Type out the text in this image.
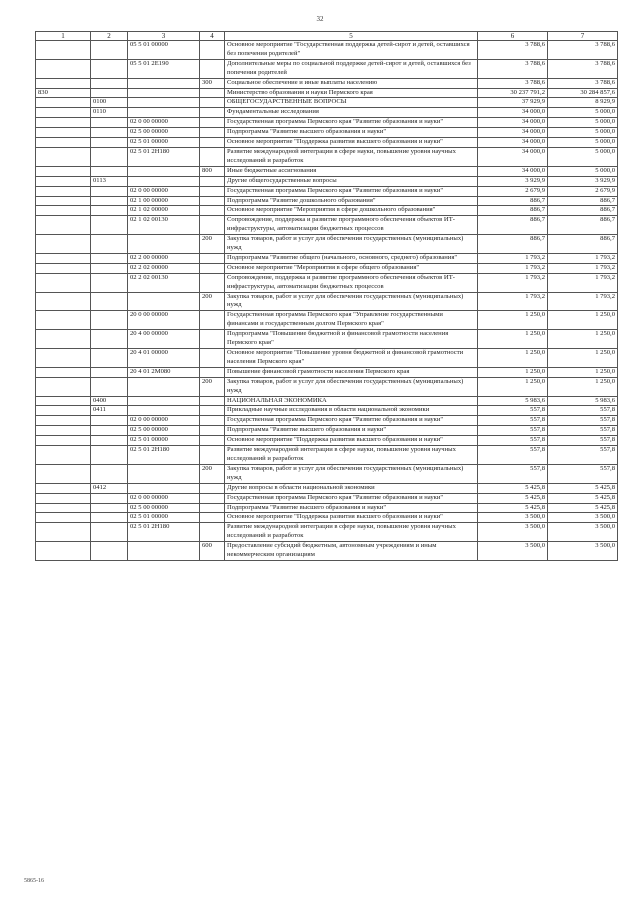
32
1	2	3	4	5	6	7
		05 5 01 00000		Основное мероприятие "Государственная поддержка детей-сирот и детей, оставшихся без попечения родителей"	3 788,6	3 788,6
		05 5 01 2Е190		Дополнительные меры по социальной поддержке детей-сирот и детей, оставшихся без попечения родителей	3 788,6	3 788,6
			300	Социальное обеспечение и иные выплаты населению	3 788,6	3 788,6
830				Министерство образования и науки Пермского края	30 237 791,2	30 284 857,6
	0100			ОБЩЕГОСУДАРСТВЕННЫЕ ВОПРОСЫ	37 929,9	8 929,9
	0110			Фундаментальные исследования	34 000,0	5 000,0
		02 0 00 00000		Государственная программа Пермского края "Развитие образования и науки"	34 000,0	5 000,0
		02 5 00 00000		Подпрограмма "Развитие высшего образования и науки"	34 000,0	5 000,0
		02 5 01 00000		Основное мероприятие "Поддержка развития высшего образования и науки"	34 000,0	5 000,0
		02 5 01 2Н180		Развитие международной интеграции в сфере науки, повышение уровня научных исследований и разработок	34 000,0	5 000,0
			800	Иные бюджетные ассигнования	34 000,0	5 000,0
	0113			Другие общегосударственные вопросы	3 929,9	3 929,9
		02 0 00 00000		Государственная программа Пермского края "Развитие образования и науки"	2 679,9	2 679,9
		02 1 00 00000		Подпрограмма "Развитие дошкольного образования"	886,7	886,7
		02 1 02 00000		Основное мероприятие "Мероприятия в сфере дошкольного образования"	886,7	886,7
		02 1 02 00130		Сопровождение, поддержка и развитие программного обеспечения объектов ИТ-инфраструктуры, автоматизации бюджетных процессов	886,7	886,7
			200	Закупка товаров, работ и услуг для обеспечения государственных (муниципальных) нужд	886,7	886,7
		02 2 00 00000		Подпрограмма "Развитие общего (начального, основного, среднего) образования"	1 793,2	1 793,2
		02 2 02 00000		Основное мероприятие "Мероприятия в сфере общего образования"	1 793,2	1 793,2
		02 2 02 00130		Сопровождение, поддержка и развитие программного обеспечения объектов ИТ-инфраструктуры, автоматизации бюджетных процессов	1 793,2	1 793,2
			200	Закупка товаров, работ и услуг для обеспечения государственных (муниципальных) нужд	1 793,2	1 793,2
		20 0 00 00000		Государственная программа Пермского края "Управление государственными финансами и государственным долгом Пермского края"	1 250,0	1 250,0
		20 4 00 00000		Подпрограмма "Повышение бюджетной и финансовой грамотности населения Пермского края"	1 250,0	1 250,0
		20 4 01 00000		Основное мероприятие "Повышение уровня бюджетной и финансовой грамотности населения Пермского края"	1 250,0	1 250,0
		20 4 01 2М080		Повышение финансовой грамотности населения Пермского края	1 250,0	1 250,0
			200	Закупка товаров, работ и услуг для обеспечения государственных (муниципальных) нужд	1 250,0	1 250,0
	0400			НАЦИОНАЛЬНАЯ ЭКОНОМИКА	5 983,6	5 983,6
	0411			Прикладные научные исследования в области национальной экономики	557,8	557,8
		02 0 00 00000		Государственная программа Пермского края "Развитие образования и науки"	557,8	557,8
		02 5 00 00000		Подпрограмма "Развитие высшего образования и науки"	557,8	557,8
		02 5 01 00000		Основное мероприятие "Поддержка развития высшего образования и науки"	557,8	557,8
		02 5 01 2Н180		Развитие международной интеграции в сфере науки, повышение уровня научных исследований и разработок	557,8	557,8
			200	Закупка товаров, работ и услуг для обеспечения государственных (муниципальных) нужд	557,8	557,8
	0412			Другие вопросы в области национальной экономики	5 425,8	5 425,8
		02 0 00 00000		Государственная программа Пермского края "Развитие образования и науки"	5 425,8	5 425,8
		02 5 00 00000		Подпрограмма "Развитие высшего образования и науки"	5 425,8	5 425,8
		02 5 01 00000		Основное мероприятие "Поддержка развития высшего образования и науки"	3 500,0	3 500,0
		02 5 01 2Н180		Развитие международной интеграции в сфере науки, повышение уровня научных исследований и разработок	3 500,0	3 500,0
			600	Предоставление субсидий бюджетным, автономным учреждениям и иным некоммерческим организациям	3 500,0	3 500,0
5865-16
